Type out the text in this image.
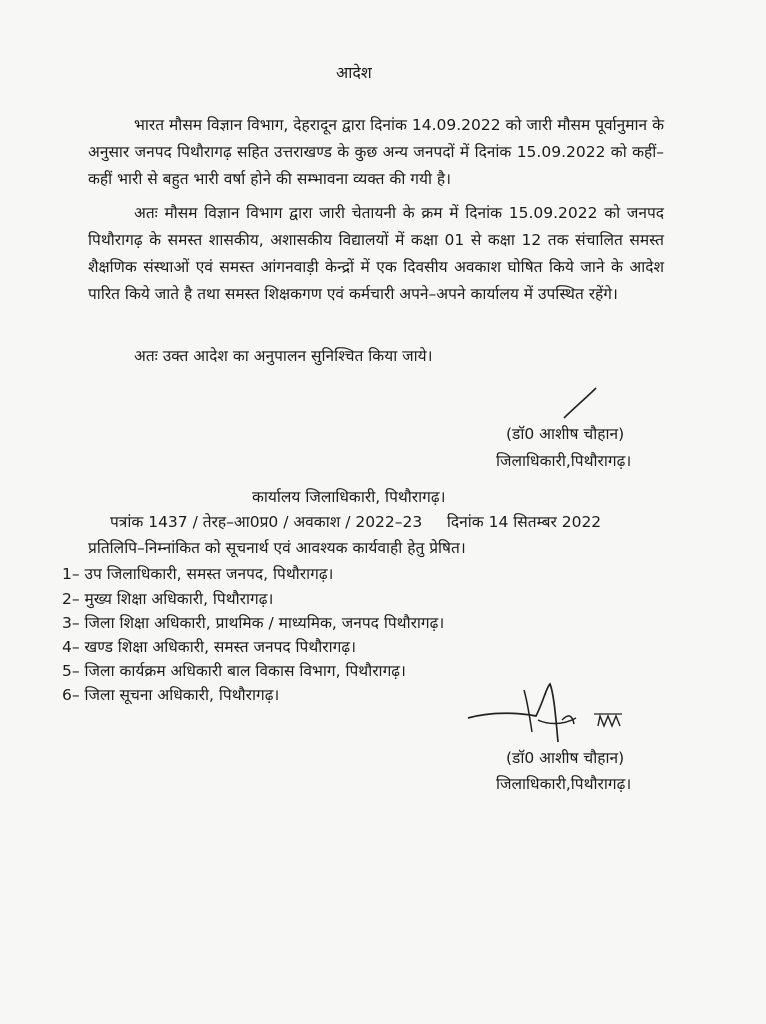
आदेश
भारत मौसम विज्ञान विभाग, देहरादून द्वारा दिनांक 14.09.2022 को जारी मौसम पूर्वानुमान के अनुसार जनपद पिथौरागढ़ सहित उत्तराखण्ड के कुछ अन्य जनपदों में दिनांक 15.09.2022 को कहीं–कहीं भारी से बहुत भारी वर्षा होने की सम्भावना व्यक्त की गयी है।
अतः मौसम विज्ञान विभाग द्वारा जारी चेतायनी के क्रम में दिनांक 15.09.2022 को जनपद पिथौरागढ़ के समस्त शासकीय, अशासकीय विद्यालयों में कक्षा 01 से कक्षा 12 तक संचालित समस्त शैक्षणिक संस्थाओं एवं समस्त आंगनवाड़ी केन्द्रों में एक दिवसीय अवकाश घोषित किये जाने के आदेश पारित किये जाते है तथा समस्त शिक्षकगण एवं कर्मचारी अपने–अपने कार्यालय में उपस्थित रहेंगे।
अतः उक्त आदेश का अनुपालन सुनिश्चित किया जाये।
(डॉ0 आशीष चौहान)
जिलाधिकारी,पिथौरागढ़।
कार्यालय जिलाधिकारी, पिथौरागढ़।
पत्रांक 1437 / तेरह–आ0प्र0 / अवकाश / 2022–23     दिनांक 14 सितम्बर 2022
प्रतिलिपि–निम्नांकित को सूचनार्थ एवं आवश्यक कार्यवाही हेतु प्रेषित।
1– उप जिलाधिकारी, समस्त जनपद, पिथौरागढ़।
2– मुख्य शिक्षा अधिकारी, पिथौरागढ़।
3– जिला शिक्षा अधिकारी, प्राथमिक / माध्यमिक, जनपद पिथौरागढ़।
4– खण्ड शिक्षा अधिकारी, समस्त जनपद पिथौरागढ़।
5– जिला कार्यक्रम अधिकारी बाल विकास विभाग, पिथौरागढ़।
6– जिला सूचना अधिकारी, पिथौरागढ़।
(डॉ0 आशीष चौहान)
जिलाधिकारी,पिथौरागढ़।
